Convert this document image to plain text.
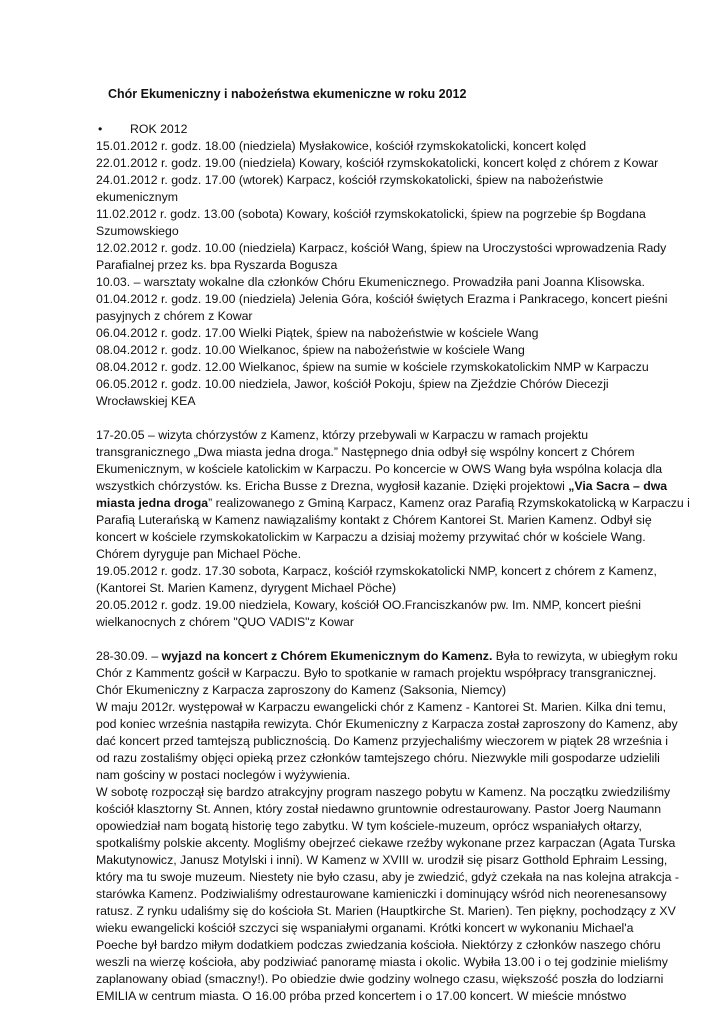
Chór Ekumeniczny i nabożeństwa ekumeniczne w roku 2012
• ROK 2012
15.01.2012 r. godz. 18.00 (niedziela) Mysłakowice, kościół rzymskokatolicki, koncert kolęd
22.01.2012 r. godz. 19.00 (niedziela) Kowary, kościół rzymskokatolicki, koncert kolęd z chórem z Kowar
24.01.2012 r. godz. 17.00 (wtorek) Karpacz, kościół rzymskokatolicki, śpiew na nabożeństwie
ekumenicznym
11.02.2012 r. godz. 13.00 (sobota) Kowary, kościół rzymskokatolicki, śpiew na pogrzebie śp Bogdana
Szumowskiego
12.02.2012 r. godz. 10.00 (niedziela) Karpacz, kościół Wang, śpiew na Uroczystości wprowadzenia Rady
Parafialnej przez ks. bpa Ryszarda Bogusza
10.03. – warsztaty wokalne dla członków Chóru Ekumenicznego. Prowadziła pani Joanna Klisowska.
01.04.2012 r. godz. 19.00 (niedziela) Jelenia Góra, kościół świętych Erazma i Pankracego, koncert pieśni
pasyjnych z chórem z Kowar
06.04.2012 r. godz. 17.00 Wielki Piątek, śpiew na nabożeństwie w kościele Wang
08.04.2012 r. godz. 10.00 Wielkanoc, śpiew na nabożeństwie w kościele Wang
08.04.2012 r. godz. 12.00 Wielkanoc, śpiew na sumie w kościele rzymskokatolickim NMP w Karpaczu
06.05.2012 r. godz. 10.00 niedziela, Jawor, kościół Pokoju, śpiew na Zjeździe Chórów Diecezji
Wrocławskiej KEA
17-20.05 – wizyta chórzystów z Kamenz, którzy przebywali w Karpaczu w ramach projektu
transgranicznego „Dwa miasta jedna droga.” Następnego dnia odbył się wspólny koncert z Chórem
Ekumenicznym, w kościele katolickim w Karpaczu. Po koncercie w OWS Wang była wspólna kolacja dla
wszystkich chórzystów. ks. Ericha Busse z Drezna, wygłosił kazanie. Dzięki projektowi „Via Sacra – dwa
miasta jedna droga” realizowanego z Gminą Karpacz, Kamenz oraz Parafią Rzymskokatolicką w Karpaczu i
Parafią Luterańską w Kamenz nawiązaliśmy kontakt z Chórem Kantorei St. Marien Kamenz. Odbył się
koncert w kościele rzymskokatolickim w Karpaczu a dzisiaj możemy przywitać chór w kościele Wang.
Chórem dyryguje pan Michael Pöche.
19.05.2012 r. godz. 17.30 sobota, Karpacz, kościół rzymskokatolicki NMP, koncert z chórem z Kamenz,
(Kantorei St. Marien Kamenz, dyrygent Michael Pöche)
20.05.2012 r. godz. 19.00 niedziela, Kowary, kościół OO.Franciszkanów pw. Im. NMP, koncert pieśni
wielkanocnych z chórem "QUO VADIS"z Kowar
28-30.09. – wyjazd na koncert z Chórem Ekumenicznym do Kamenz. Była to rewizyta, w ubiegłym roku
Chór z Kammentz gościł w Karpaczu. Było to spotkanie w ramach projektu współpracy transgranicznej.
Chór Ekumeniczny z Karpacza zaproszony do Kamenz (Saksonia, Niemcy)
W maju 2012r. występował w Karpaczu ewangelicki chór z Kamenz - Kantorei St. Marien. Kilka dni temu,
pod koniec września nastąpiła rewizyta. Chór Ekumeniczny z Karpacza został zaproszony do Kamenz, aby
dać koncert przed tamtejszą publicznością. Do Kamenz przyjechaliśmy wieczorem w piątek 28 września i
od razu zostaliśmy objęci opieką przez członków tamtejszego chóru. Niezwykle mili gospodarze udzielili
nam gościny w postaci noclegów i wyżywienia.
W sobotę rozpoczął się bardzo atrakcyjny program naszego pobytu w Kamenz. Na początku zwiedziliśmy
kościół klasztorny St. Annen, który został niedawno gruntownie odrestaurowany. Pastor Joerg Naumann
opowiedział nam bogatą historię tego zabytku. W tym kościele-muzeum, oprócz wspaniałych ołtarzy,
spotkaliśmy polskie akcenty. Mogliśmy obejrzeć ciekawe rzeźby wykonane przez karpaczan (Agata Turska
Makutynowicz, Janusz Motylski i inni). W Kamenz w XVIII w. urodził się pisarz Gotthold Ephraim Lessing,
który ma tu swoje muzeum. Niestety nie było czasu, aby je zwiedzić, gdyż czekała na nas kolejna atrakcja -
starówka Kamenz. Podziwialiśmy odrestaurowane kamieniczki i dominujący wśród nich neorenesansowy
ratusz. Z rynku udaliśmy się do kościoła St. Marien (Hauptkirche St. Marien). Ten piękny, pochodzący z XV
wieku ewangelicki kościół szczyci się wspaniałymi organami. Krótki koncert w wykonaniu Michael'a
Poeche był bardzo miłym dodatkiem podczas zwiedzania kościoła. Niektórzy z członków naszego chóru
weszli na wierzę kościoła, aby podziwiać panoramę miasta i okolic. Wybiła 13.00 i o tej godzinie mieliśmy
zaplanowany obiad (smaczny!). Po obiedzie dwie godziny wolnego czasu, większość poszła do lodziarni
EMILIA w centrum miasta. O 16.00 próba przed koncertem i o 17.00 koncert. W mieście mnóstwo
